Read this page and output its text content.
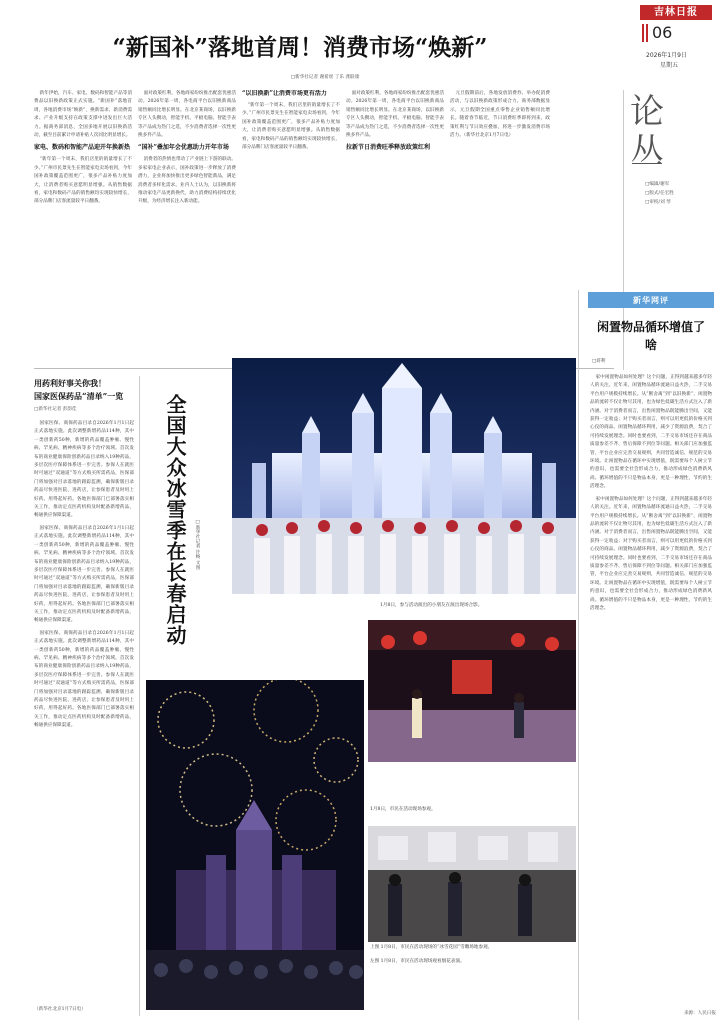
吉林日报
06
2026年1月9日
星期五
“新国补”落地首周！消费市场“焕新”
□新华社记者 谢希瑶 丁乐 龚联康

新年伊始，汽车、家电、数码和智能产品等消费品以旧换新政策正式实施。“新国补”落地首周，各地消费市场“焕新”，换新需求、新消费需求、产业升级支持在政策支撑中迸发出巨大活力。据商务部消息，全国多地开展以旧换新活动，截至目前累计申请补贴人次同比明显增长。

家电、数码和智能产品迎开年换新热

“新年第一个周末，我们店里的销量增长了不少。”广州市民景先生在智能家电卖场看到，今年国补政策覆盖范围更广，很多产品补贴力度加大，让消费者购买意愿明显增强。从销售数据看，家电和数码产品的销售额均实现较快增长，部分品牌门店客流量较平日翻番。

面对政策红利，各地商家纷纷推出配套优惠活动。2026年第一周，各电商平台以旧换新商品销售额同比增长明显。在北京某商场，以旧换新专区人头攒动，智能手机、平板电脑、智能手表等产品成为热门之选，不少消费者选择一次性更换多件产品。

“国补”叠加年会优惠助力开年市场

消费者的热情也带动了产业链上下游的联动。多家家电企业表示，国补政策进一步释放了消费潜力，企业将加快推出更多绿色智能新品，满足消费者多样化需求。业内人士认为，以旧换新将推动家电产品更新换代，助力消费结构持续优化升级，为经济增长注入新动能。

“以旧换新”让消费市场更有活力

“新年第一个周末，我们店里的销量增长了不少。”广州市民景先生在智能家电卖场看到，今年国补政策覆盖范围更广，很多产品补贴力度加大，让消费者购买意愿明显增强。从销售数据看，家电和数码产品的销售额均实现较快增长，部分品牌门店客流量较平日翻番。

面对政策红利，各地商家纷纷推出配套优惠活动。2026年第一周，各电商平台以旧换新商品销售额同比增长明显。在北京某商场，以旧换新专区人头攒动，智能手机、平板电脑、智能手表等产品成为热门之选，不少消费者选择一次性更换多件产品。

拉新节日消费旺季释放政策红利

元旦假期前后，各地发放消费券、举办促消费活动，与以旧换新政策形成合力。商务部数据显示，元旦假期全国重点零售企业销售额同比增长。随着春节临近，节日消费旺季即将到来，政策红利与节日效应叠加，将进一步激发消费市场活力。（新华社北京1月7日电）

论 丛
□编辑/谢军
□版式/任宏胜
□审校/刘 琴
用药利好事关你我！
国家医保药品“清单”一览
□新华社记者 彭韵佳

国家医保、商保药品目录自2026年1月1日起正式落地实施。此次调整新增药品114种，其中一类创新药50种，新增的药品覆盖肿瘤、慢性病、罕见病、精神疾病等多个治疗领域。首次发布的商业健康保险创新药品目录纳入19种药品，多层次医疗保障体系进一步完善。参保人在就医时可通过“双通道”等方式购买所需药品，医保部门将加强对目录落地的跟踪监测，确保新版目录药品尽快进医院、进药店，让参保患者及时用上好药、用得起好药。各地医保部门已部署落实相关工作，推动定点医药机构及时配备新增药品，畅通供应保障渠道。

国家医保、商保药品目录自2026年1月1日起正式落地实施。此次调整新增药品114种，其中一类创新药50种，新增的药品覆盖肿瘤、慢性病、罕见病、精神疾病等多个治疗领域。首次发布的商业健康保险创新药品目录纳入19种药品，多层次医疗保障体系进一步完善。参保人在就医时可通过“双通道”等方式购买所需药品，医保部门将加强对目录落地的跟踪监测，确保新版目录药品尽快进医院、进药店，让参保患者及时用上好药、用得起好药。各地医保部门已部署落实相关工作，推动定点医药机构及时配备新增药品，畅通供应保障渠道。

国家医保、商保药品目录自2026年1月1日起正式落地实施。此次调整新增药品114种，其中一类创新药50种，新增的药品覆盖肿瘤、慢性病、罕见病、精神疾病等多个治疗领域。首次发布的商业健康保险创新药品目录纳入19种药品，多层次医疗保障体系进一步完善。参保人在就医时可通过“双通道”等方式购买所需药品，医保部门将加强对目录落地的跟踪监测，确保新版目录药品尽快进医院、进药店，让参保患者及时用上好药、用得起好药。各地医保部门已部署落实相关工作，推动定点医药机构及时配备新增药品，畅通供应保障渠道。

（新华社北京1月7日电）
全国大众冰雪季在长春启动 □新华社记者 许畅 文图
1月8日，参与活动演出的小朋友在演出现场合影。
1月8日，市民在活动现场参观。
上图 1月8日，市民在活动现场的“冰雪花园”雪雕场地参观。
左图 1月8日，市民在活动现场观看烟花表演。
新华网评
闲置物品循环增值了啥
□蒋利

家中闲置物品如何处理？这个问题，正得到越来越多年轻人的关注。近年来，闲置物品循环流通日益火热，二手交易平台用户规模持续增长。从“断舍离”到“以旧换新”，闲置物品的流转不仅让物尽其用，也为绿色低碳生活方式注入了新内涵。对于消费者而言，出售闲置物品既能腾出空间，又能获得一定收益；对于购买者而言，则可以用更低的价格买到心仪的商品。闲置物品循环利用，减少了资源浪费，契合了可持续发展理念。同时也要看到，二手交易市场还存在商品质量参差不齐、售后保障不到位等问题。相关部门应加强监管，平台企业应完善交易规则，共同营造诚信、规范的交易环境。让闲置物品在循环中实现增值，既需要每个人树立节约意识，也需要全社会形成合力，推动形成绿色消费新风尚。循环增值的不只是物品本身，更是一种理性、节约的生活理念。

家中闲置物品如何处理？这个问题，正得到越来越多年轻人的关注。近年来，闲置物品循环流通日益火热，二手交易平台用户规模持续增长。从“断舍离”到“以旧换新”，闲置物品的流转不仅让物尽其用，也为绿色低碳生活方式注入了新内涵。对于消费者而言，出售闲置物品既能腾出空间，又能获得一定收益；对于购买者而言，则可以用更低的价格买到心仪的商品。闲置物品循环利用，减少了资源浪费，契合了可持续发展理念。同时也要看到，二手交易市场还存在商品质量参差不齐、售后保障不到位等问题。相关部门应加强监管，平台企业应完善交易规则，共同营造诚信、规范的交易环境。让闲置物品在循环中实现增值，既需要每个人树立节约意识，也需要全社会形成合力，推动形成绿色消费新风尚。循环增值的不只是物品本身，更是一种理性、节约的生活理念。

来源：人民日报
